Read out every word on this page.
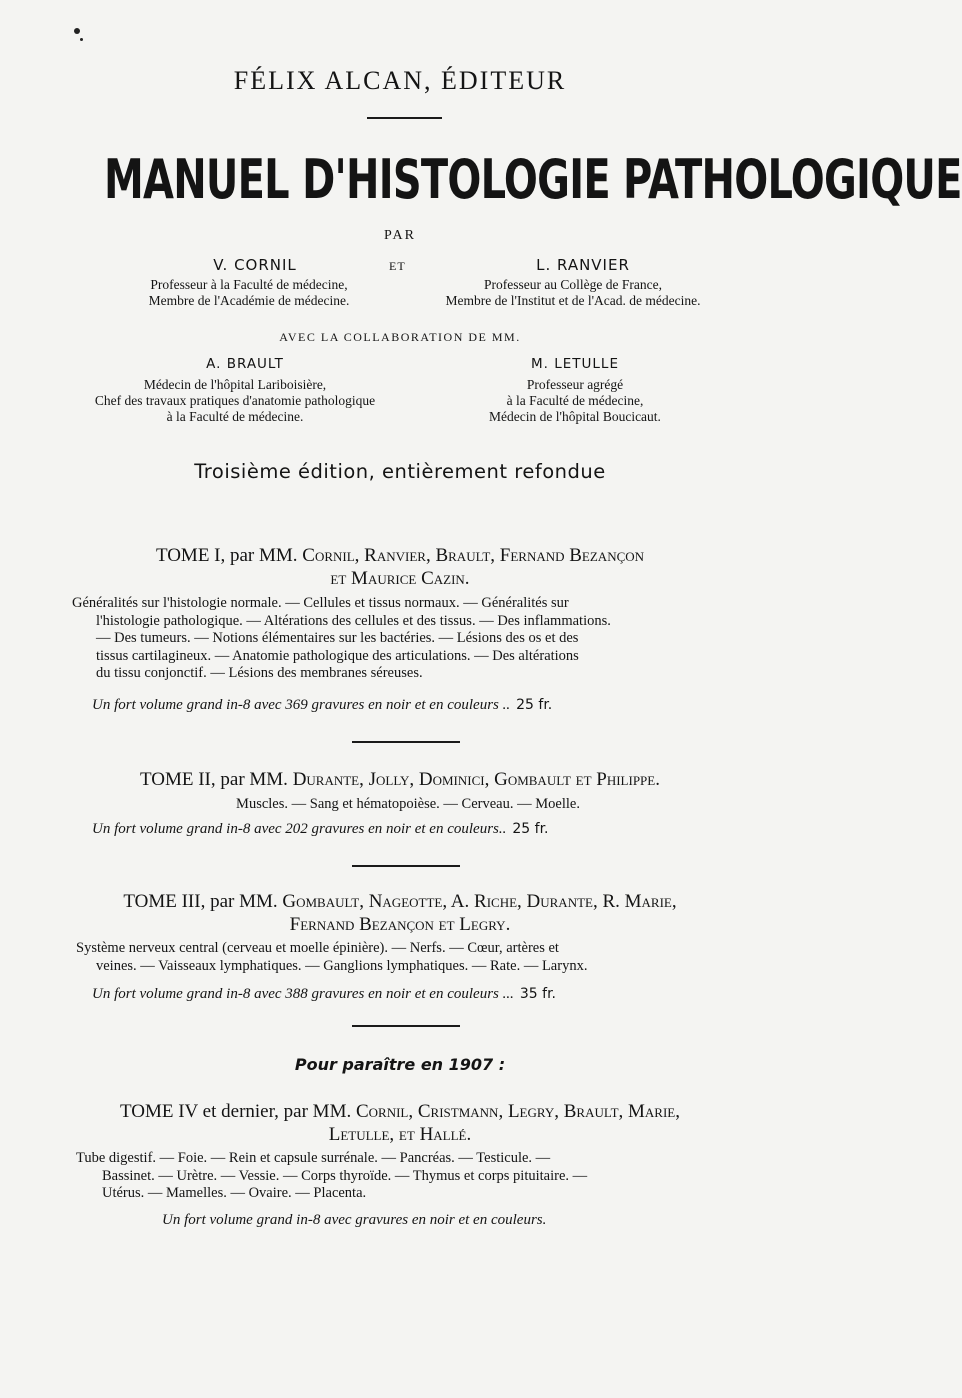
FÉLIX ALCAN, ÉDITEUR
MANUEL D'HISTOLOGIE PATHOLOGIQUE
PAR
V. CORNIL	ET	L. RANVIER
Professeur à la Faculté de médecine,
Membre de l'Académie de médecine.
Professeur au Collège de France,
Membre de l'Institut et de l'Acad. de médecine.
AVEC LA COLLABORATION DE MM.
A. BRAULT	M. LETULLE
Médecin de l'hôpital Lariboisière,
Chef des travaux pratiques d'anatomie pathologique
à la Faculté de médecine.
Professeur agrégé
à la Faculté de médecine,
Médecin de l'hôpital Boucicaut.
Troisième édition, entièrement refondue
TOME I, par MM. Cornil, Ranvier, Brault, Fernand Bezançon
et Maurice Cazin.
Généralités sur l'histologie normale. — Cellules et tissus normaux. — Généralités sur
l'histologie pathologique. — Altérations des cellules et des tissus. — Des inflammations.
— Des tumeurs. — Notions élémentaires sur les bactéries. — Lésions des os et des
tissus cartilagineux. — Anatomie pathologique des articulations. — Des altérations
du tissu conjonctif. — Lésions des membranes séreuses.
Un fort volume grand in-8 avec 369 gravures en noir et en couleurs .. 25 fr.
TOME II, par MM. Durante, Jolly, Dominici, Gombault et Philippe.
Muscles. — Sang et hématopoièse. — Cerveau. — Moelle.
Un fort volume grand in-8 avec 202 gravures en noir et en couleurs.. 25 fr.
TOME III, par MM. Gombault, Nageotte, A. Riche, Durante, R. Marie,
Fernand Bezançon et Legry.
Système nerveux central (cerveau et moelle épinière). — Nerfs. — Cœur, artères et
veines. — Vaisseaux lymphatiques. — Ganglions lymphatiques. — Rate. — Larynx.
Un fort volume grand in-8 avec 388 gravures en noir et en couleurs ... 35 fr.
Pour paraître en 1907 :
TOME IV et dernier, par MM. Cornil, Cristmann, Legry, Brault, Marie,
Letulle, et Hallé.
Tube digestif. — Foie. — Rein et capsule surrénale. — Pancréas. — Testicule. —
Bassinet. — Urètre. — Vessie. — Corps thyroïde. — Thymus et corps pituitaire. —
Utérus. — Mamelles. — Ovaire. — Placenta.
Un fort volume grand in-8 avec gravures en noir et en couleurs.
